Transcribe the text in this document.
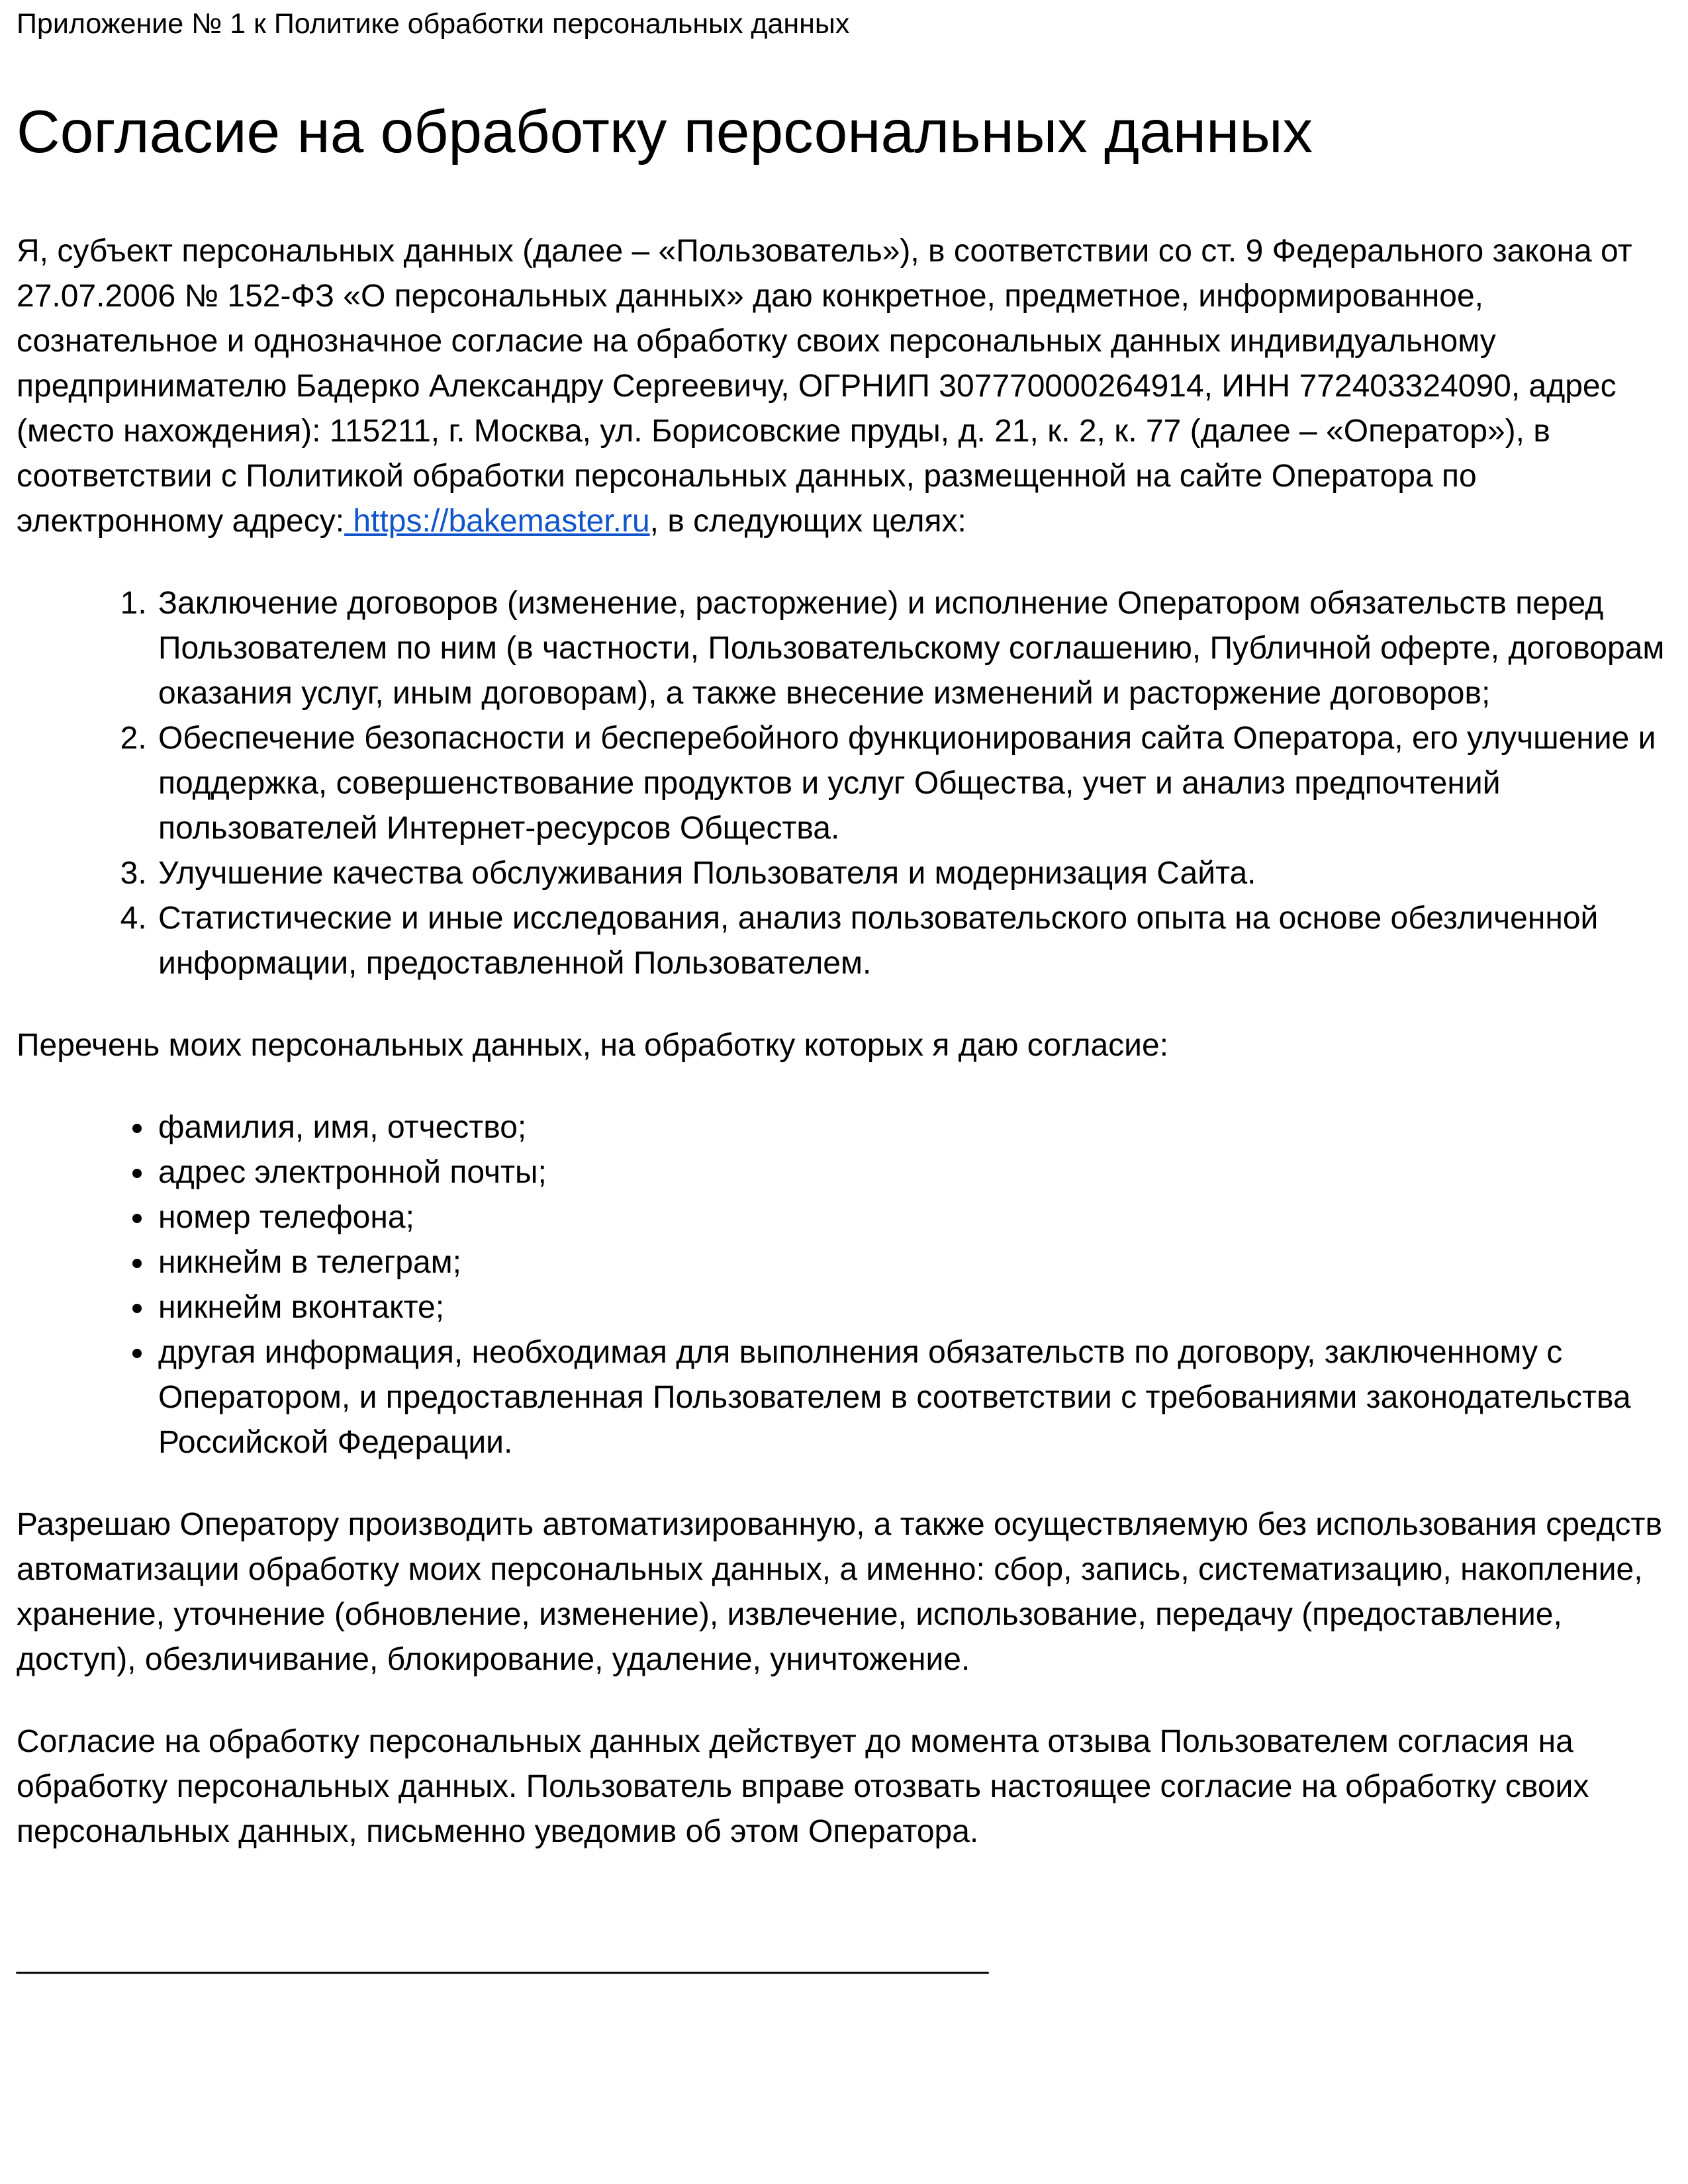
Приложение № 1 к Политике обработки персональных данных

Согласие на обработку персональных данных

Я, субъект персональных данных (далее – «Пользователь»), в соответствии со ст. 9 Федерального закона от 27.07.2006 № 152-ФЗ «О персональных данных» даю конкретное, предметное, информированное, сознательное и однозначное согласие на обработку своих персональных данных индивидуальному предпринимателю Бадерко Александру Сергеевичу, ОГРНИП 307770000264914, ИНН 772403324090, адрес (место нахождения): 115211, г. Москва, ул. Борисовские пруды, д. 21, к. 2, к. 77 (далее – «Оператор»), в соответствии с Политикой обработки персональных данных, размещенной на сайте Оператора по электронному адресу: https://bakemaster.ru, в следующих целях:

1. Заключение договоров (изменение, расторжение) и исполнение Оператором обязательств перед Пользователем по ним (в частности, Пользовательскому соглашению, Публичной оферте, договорам оказания услуг, иным договорам), а также внесение изменений и расторжение договоров;
2. Обеспечение безопасности и бесперебойного функционирования сайта Оператора, его улучшение и поддержка, совершенствование продуктов и услуг Общества, учет и анализ предпочтений пользователей Интернет-ресурсов Общества.
3. Улучшение качества обслуживания Пользователя и модернизация Сайта.
4. Статистические и иные исследования, анализ пользовательского опыта на основе обезличенной информации, предоставленной Пользователем.

Перечень моих персональных данных, на обработку которых я даю согласие:

• фамилия, имя, отчество;
• адрес электронной почты;
• номер телефона;
• никнейм в телеграм;
• никнейм вконтакте;
• другая информация, необходимая для выполнения обязательств по договору, заключенному с Оператором, и предоставленная Пользователем в соответствии с требованиями законодательства Российской Федерации.

Разрешаю Оператору производить автоматизированную, а также осуществляемую без использования средств автоматизации обработку моих персональных данных, а именно: сбор, запись, систематизацию, накопление, хранение, уточнение (обновление, изменение), извлечение, использование, передачу (предоставление, доступ), обезличивание, блокирование, удаление, уничтожение.

Согласие на обработку персональных данных действует до момента отзыва Пользователем согласия на обработку персональных данных. Пользователь вправе отозвать настоящее согласие на обработку своих персональных данных, письменно уведомив об этом Оператора.

_______________________________________________________
